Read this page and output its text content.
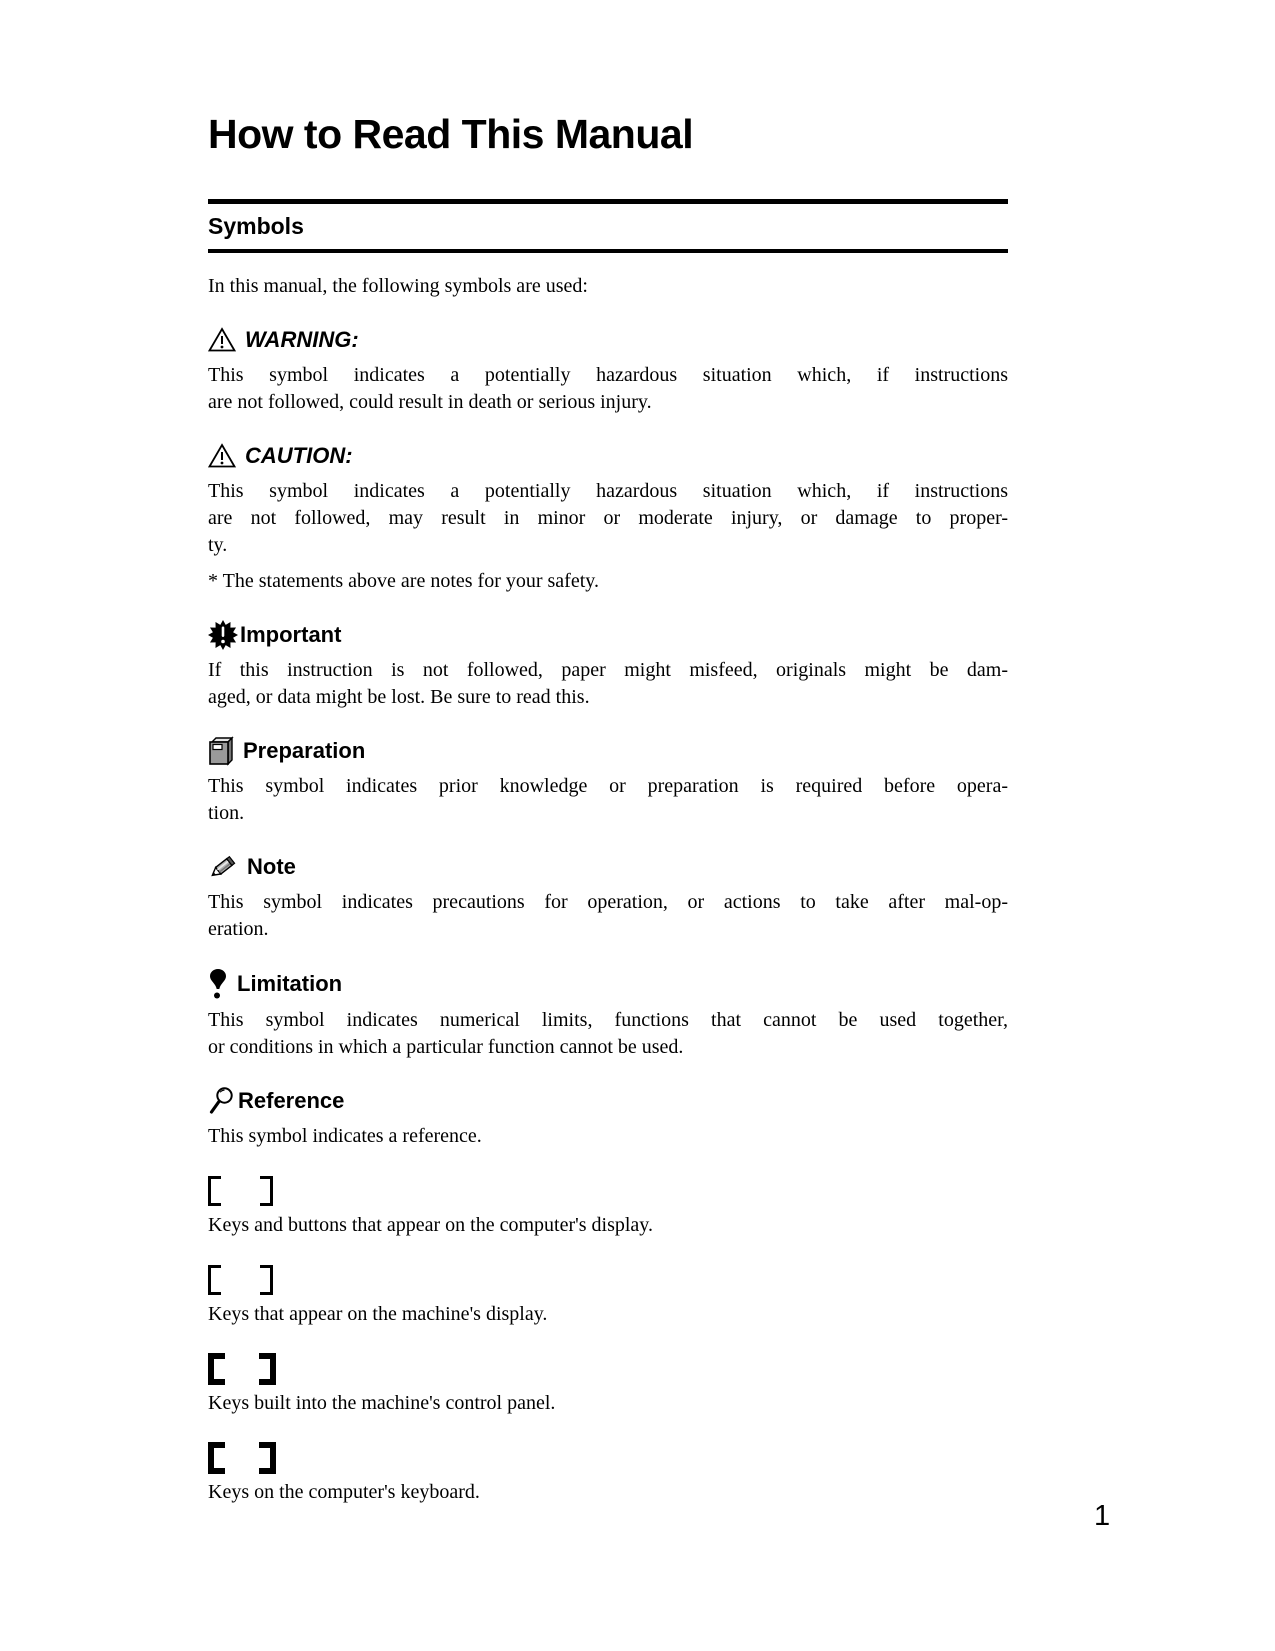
How to Read This Manual
Symbols
In this manual, the following symbols are used:
WARNING:
This symbol indicates a potentially hazardous situation which, if instructions
are not followed, could result in death or serious injury.
CAUTION:
This symbol indicates a potentially hazardous situation which, if instructions
are not followed, may result in minor or moderate injury, or damage to proper-
ty.
* The statements above are notes for your safety.
Important
If this instruction is not followed, paper might misfeed, originals might be dam-
aged, or data might be lost. Be sure to read this.
Preparation
This symbol indicates prior knowledge or preparation is required before opera-
tion.
Note
This symbol indicates precautions for operation, or actions to take after mal-op-
eration.
Limitation
This symbol indicates numerical limits, functions that cannot be used together,
or conditions in which a particular function cannot be used.
Reference
This symbol indicates a reference.
Keys and buttons that appear on the computer's display.
Keys that appear on the machine's display.
Keys built into the machine's control panel.
Keys on the computer's keyboard.
1
